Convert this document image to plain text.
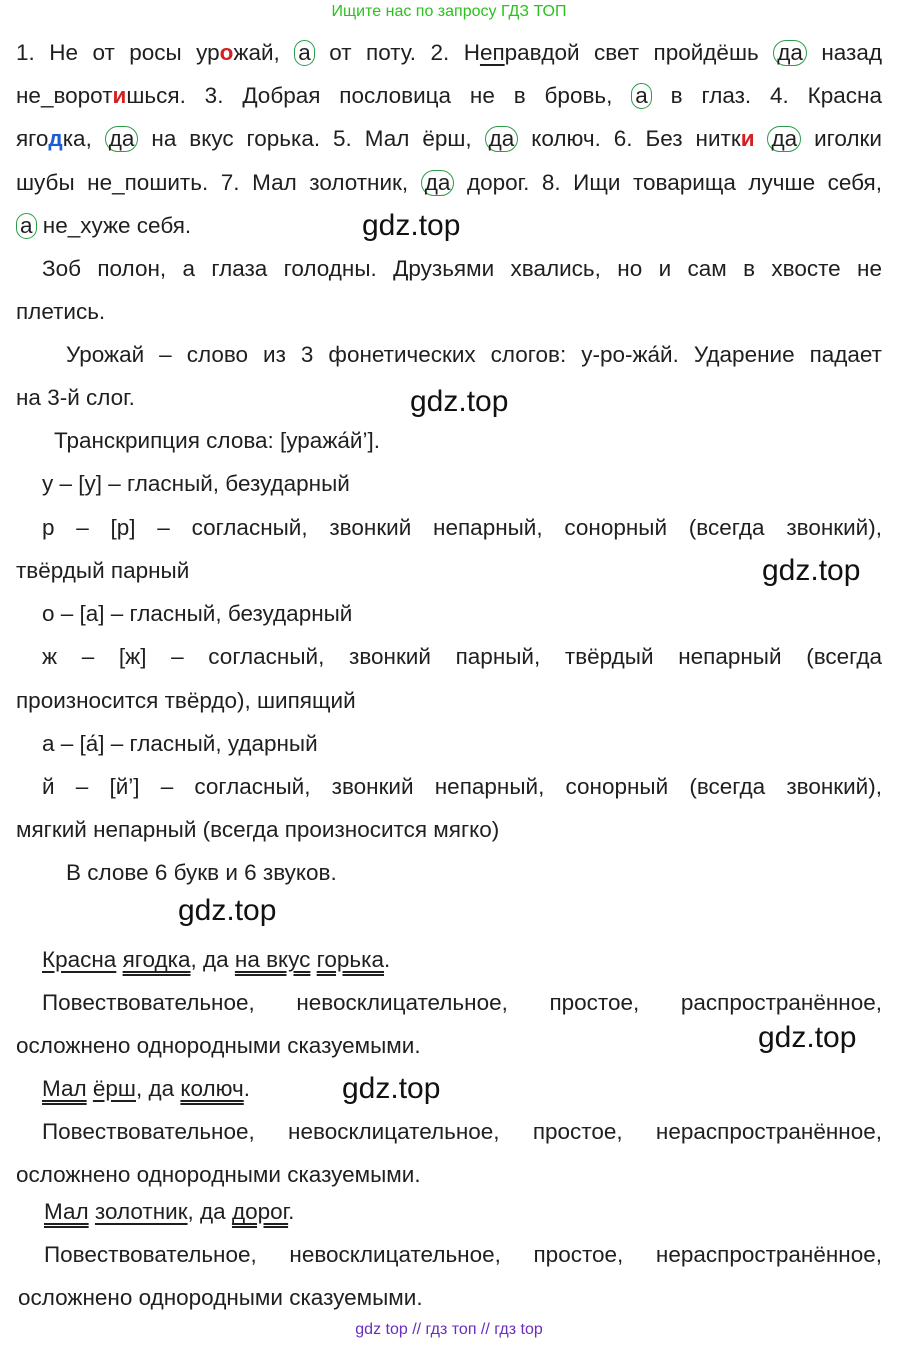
Ищите нас по запросу ГДЗ ТОП
1. Не от росы урожай, а от поту. 2. Неправдой свет пройдёшь да назад
не_воротишься. 3. Добрая пословица не в бровь, а в глаз. 4. Красна
ягодка, да на вкус горька. 5. Мал ёрш, да колюч. 6. Без нитки да иголки
шубы не_пошить. 7. Мал золотник, да дорог. 8. Ищи товарища лучше себя,
а не_хуже себя.	gdz.top
Зоб полон, а глаза голодны. Друзьями хвались, но и сам в хвосте не
плетись.
Урожай – слово из 3 фонетических слогов: у-ро-жа́й. Ударение падает
на 3-й слог.	gdz.top
Транскрипция слова: [уража́й’].
у – [у] – гласный, безударный
р – [р] – согласный, звонкий непарный, сонорный (всегда звонкий),
твёрдый парный	gdz.top
о – [а] – гласный, безударный
ж – [ж] – согласный, звонкий парный, твёрдый непарный (всегда
произносится твёрдо), шипящий
а – [а́] – гласный, ударный
й – [й’] – согласный, звонкий непарный, сонорный (всегда звонкий),
мягкий непарный (всегда произносится мягко)
В слове 6 букв и 6 звуков.
gdz.top
Красна ягодка, да на вкус горька.
Повествовательное, невосклицательное, простое, распространённое,
осложнено однородными сказуемыми.	gdz.top
Мал ёрш, да колюч.	gdz.top
Повествовательное, невосклицательное, простое, нераспространённое,
осложнено однородными сказуемыми.
Мал золотник, да дорог.
Повествовательное, невосклицательное, простое, нераспространённое,
осложнено однородными сказуемыми.
gdz top // гдз топ // гдз top
